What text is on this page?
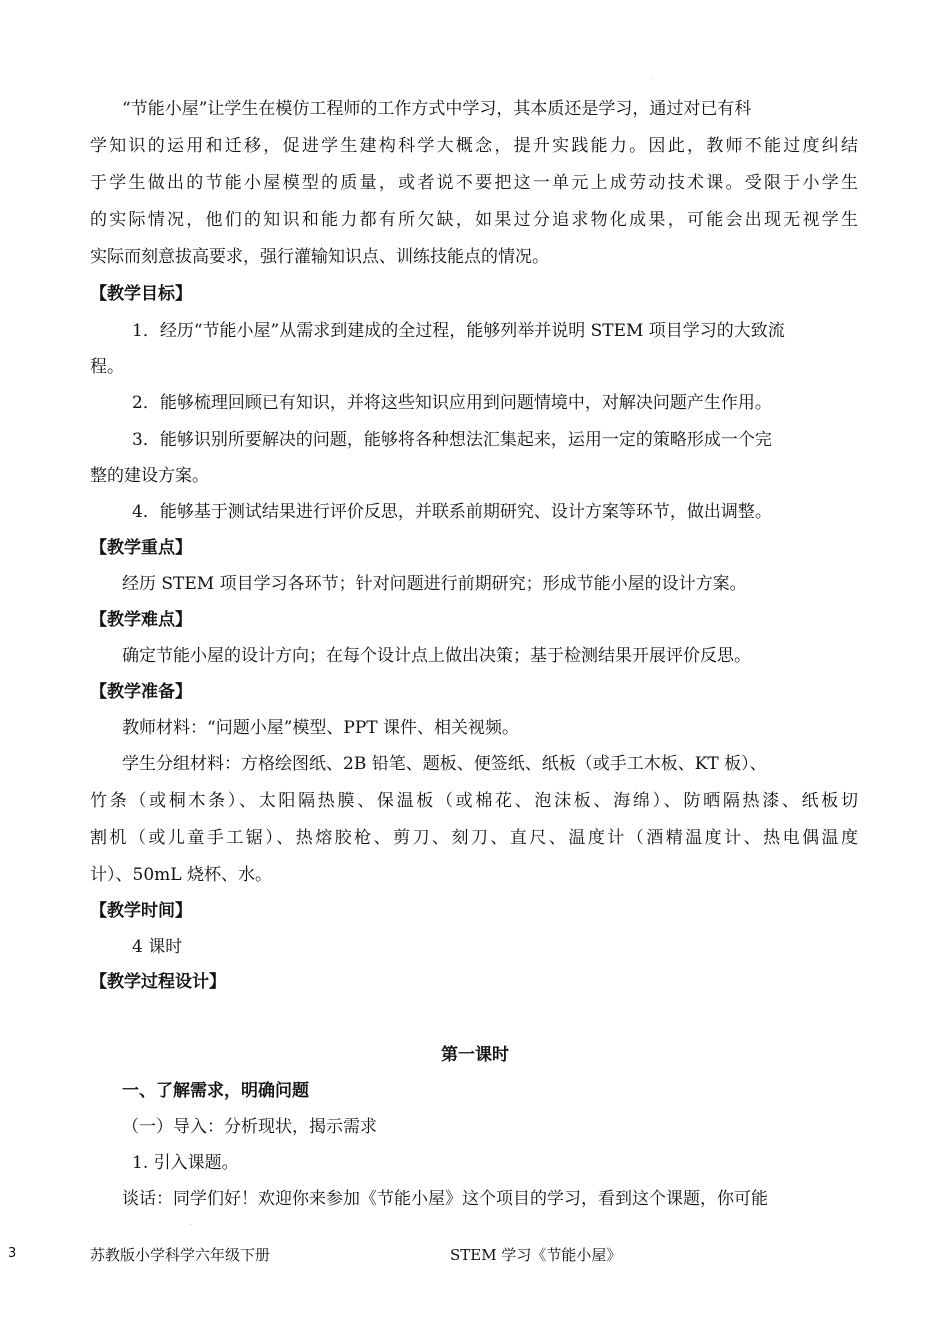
.
“节能小屋”让学生在模仿工程师的工作方式中学习，其本质还是学习，通过对已有科
学知识的运用和迁移，促进学生建构科学大概念，提升实践能力。因此，教师不能过度纠结
于学生做出的节能小屋模型的质量，或者说不要把这一单元上成劳动技术课。受限于小学生
的实际情况，他们的知识和能力都有所欠缺，如果过分追求物化成果，可能会出现无视学生
实际而刻意拔高要求，强行灌输知识点、训练技能点的情况。
【教学目标】
1．经历“节能小屋”从需求到建成的全过程，能够列举并说明 STEM 项目学习的大致流
程。
2．能够梳理回顾已有知识，并将这些知识应用到问题情境中，对解决问题产生作用。
3．能够识别所要解决的问题，能够将各种想法汇集起来，运用一定的策略形成一个完
整的建设方案。
4．能够基于测试结果进行评价反思，并联系前期研究、设计方案等环节，做出调整。
【教学重点】
经历 STEM 项目学习各环节；针对问题进行前期研究；形成节能小屋的设计方案。
【教学难点】
确定节能小屋的设计方向；在每个设计点上做出决策；基于检测结果开展评价反思。
【教学准备】
教师材料：“问题小屋”模型、PPT 课件、相关视频。
学生分组材料：方格绘图纸、2B 铅笔、题板、便签纸、纸板（或手工木板、KT 板）、
竹条（或桐木条）、太阳隔热膜、保温板（或棉花、泡沫板、海绵）、防晒隔热漆、纸板切
割机（或儿童手工锯）、热熔胶枪、剪刀、刻刀、直尺、温度计（酒精温度计、热电偶温度
计）、50mL 烧杯、水。
【教学时间】
4 课时
【教学过程设计】
第一课时
一、了解需求，明确问题
（一）导入：分析现状，揭示需求
1. 引入课题。
谈话：同学们好！欢迎你来参加《节能小屋》这个项目的学习，看到这个课题，你可能
.
3	苏教版小学科学六年级下册	STEM 学习《节能小屋》
